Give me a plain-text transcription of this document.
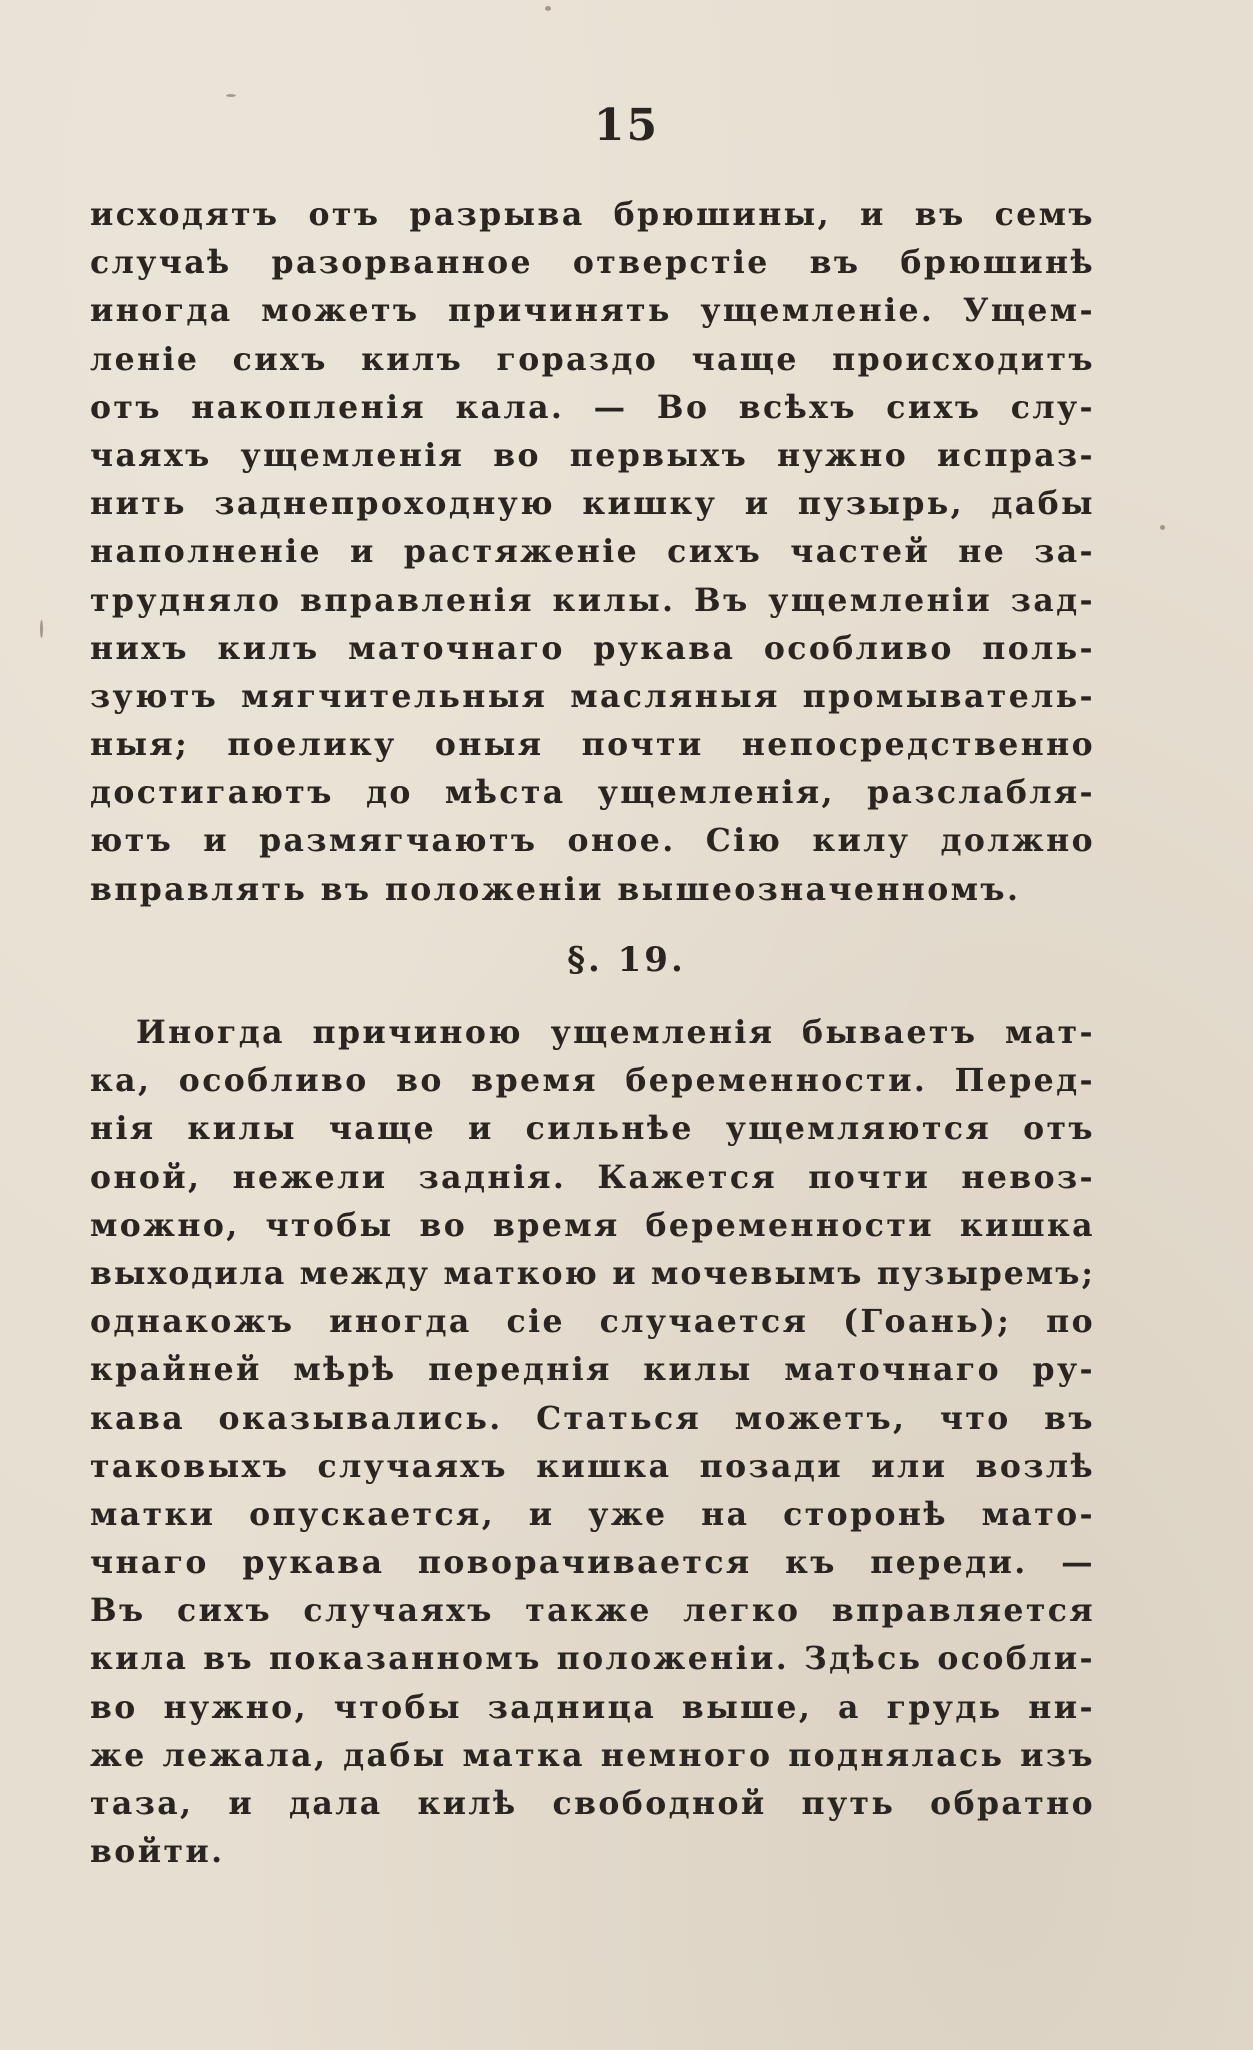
15
исходятъ отъ разрыва брюшины, и въ семъ
случаѣ разорванное отверстіе въ брюшинѣ
иногда можетъ причинять ущемленіе. Ущем-
леніе сихъ килъ гораздо чаще происходитъ
отъ накопленія кала. — Во всѣхъ сихъ слу-
чаяхъ ущемленія во первыхъ нужно испраз-
нить заднепроходную кишку и пузырь, дабы
наполненіе и растяженіе сихъ частей не за-
трудняло вправленія килы. Въ ущемленіи зад-
нихъ килъ маточнаго рукава особливо поль-
зуютъ мягчительныя масляныя промыватель-
ныя; поелику оныя почти непосредственно
достигаютъ до мѣста ущемленія, разслабля-
ютъ и размягчаютъ оное. Сію килу должно
вправлять въ положеніи вышеозначенномъ.
§. 19.
Иногда причиною ущемленія бываетъ мат-
ка, особливо во время беременности. Перед-
нія килы чаще и сильнѣе ущемляются отъ
оной, нежели заднія. Кажется почти невоз-
можно, чтобы во время беременности кишка
выходила между маткою и мочевымъ пузыремъ;
однакожъ иногда сіе случается (Гоань); по
крайней мѣрѣ переднія килы маточнаго ру-
кава оказывались. Статься можетъ, что въ
таковыхъ случаяхъ кишка позади или возлѣ
матки опускается, и уже на сторонѣ мато-
чнаго рукава поворачивается къ переди. —
Въ сихъ случаяхъ также легко вправляется
кила въ показанномъ положеніи. Здѣсь особли-
во нужно, чтобы задница выше, а грудь ни-
же лежала, дабы матка немного поднялась изъ
таза, и дала килѣ свободной путь обратно
войти.
